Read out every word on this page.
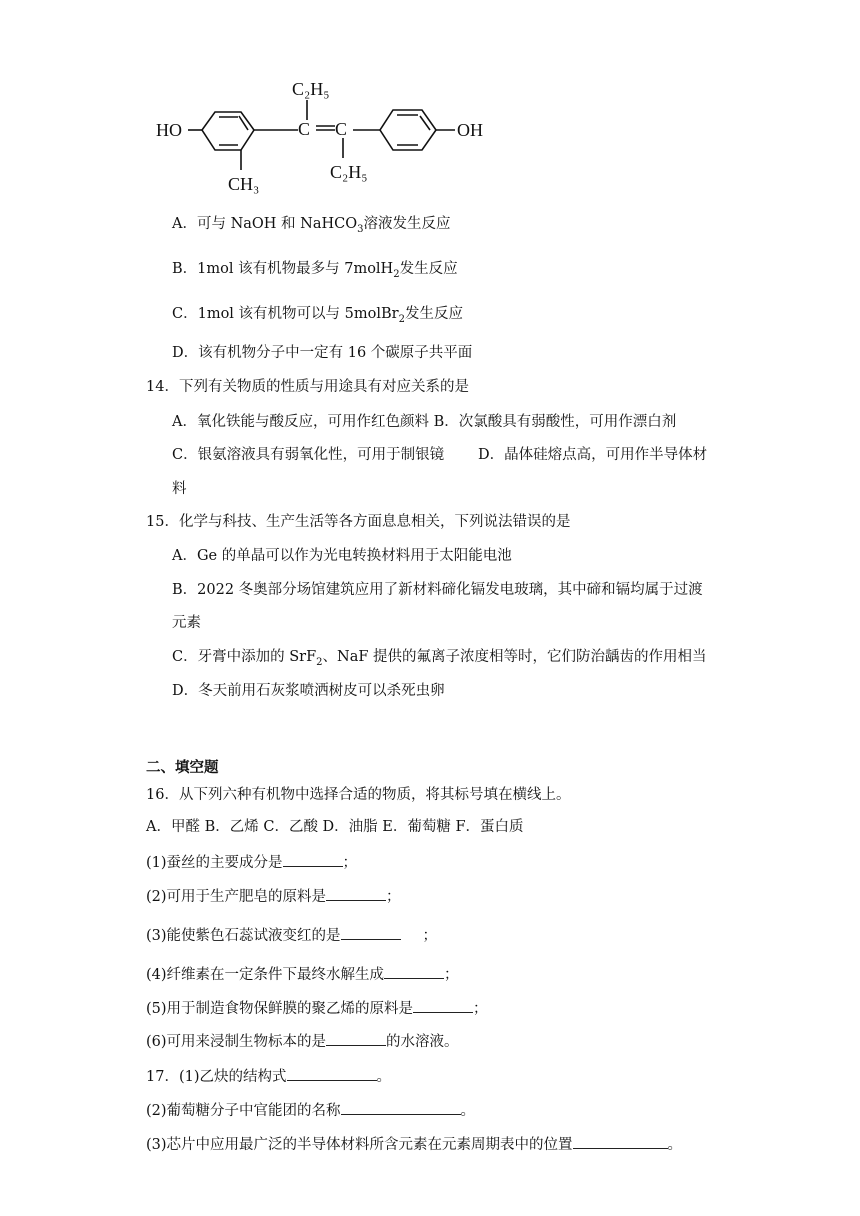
HO	OH
C C
C₂H₅
C₂H₅
CH₃
A．可与 NaOH 和 NaHCO$_3$溶液发生反应
B．1mol 该有机物最多与 7molH$_2$发生反应
C．1mol 该有机物可以与 5molBr$_2$发生反应
D．该有机物分子中一定有 16 个碳原子共平面
14．下列有关物质的性质与用途具有对应关系的是
A．氧化铁能与酸反应，可用作红色颜料 B．次氯酸具有弱酸性，可用作漂白剂
C．银氨溶液具有弱氧化性，可用于制银镜 D．晶体硅熔点高，可用作半导体材
料
15．化学与科技、生产生活等各方面息息相关，下列说法错误的是
A．Ge 的单晶可以作为光电转换材料用于太阳能电池
B．2022 冬奥部分场馆建筑应用了新材料碲化镉发电玻璃，其中碲和镉均属于过渡
元素
C．牙膏中添加的 SrF$_2$、NaF 提供的氟离子浓度相等时，它们防治龋齿的作用相当
D．冬天前用石灰浆喷洒树皮可以杀死虫卵
二、填空题
16．从下列六种有机物中选择合适的物质，将其标号填在横线上。
A．甲醛 B．乙烯 C．乙酸 D．油脂 E．葡萄糖 F．蛋白质
(1)蚕丝的主要成分是	；
(2)可用于生产肥皂的原料是	；
(3)能使紫色石蕊试液变红的是	；
(4)纤维素在一定条件下最终水解生成	；
(5)用于制造食物保鲜膜的聚乙烯的原料是	；
(6)可用来浸制生物标本的是	的水溶液。
17．(1)乙炔的结构式	。
(2)葡萄糖分子中官能团的名称	。
(3)芯片中应用最广泛的半导体材料所含元素在元素周期表中的位置	。
